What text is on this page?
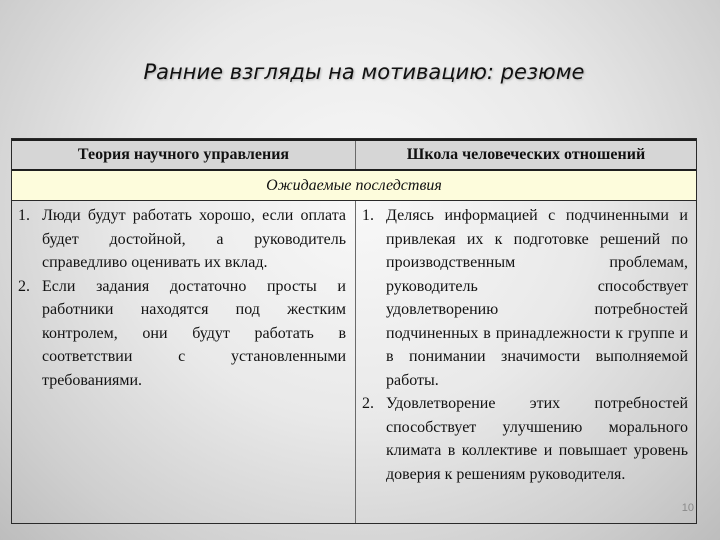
Ранние взгляды на мотивацию: резюме
Теория научного управления	Школа человеческих отношений
Ожидаемые последствия
1. Люди будут работать хорошо, если оплата будет достойной, а руководитель справедливо оценивать их вклад.
2. Если задания достаточно просты и работники находятся под жестким контролем, они будут работать в соответствии с установленными требованиями.
1. Делясь информацией с подчиненными и привлекая их к подготовке решений по производственным проблемам, руководитель способствует удовлетворению потребностей подчиненных в принадлежности к группе и в понимании значимости выполняемой работы.
2. Удовлетворение этих потребностей способствует улучшению морального климата в коллективе и повышает уровень доверия к решениям руководителя.
10
